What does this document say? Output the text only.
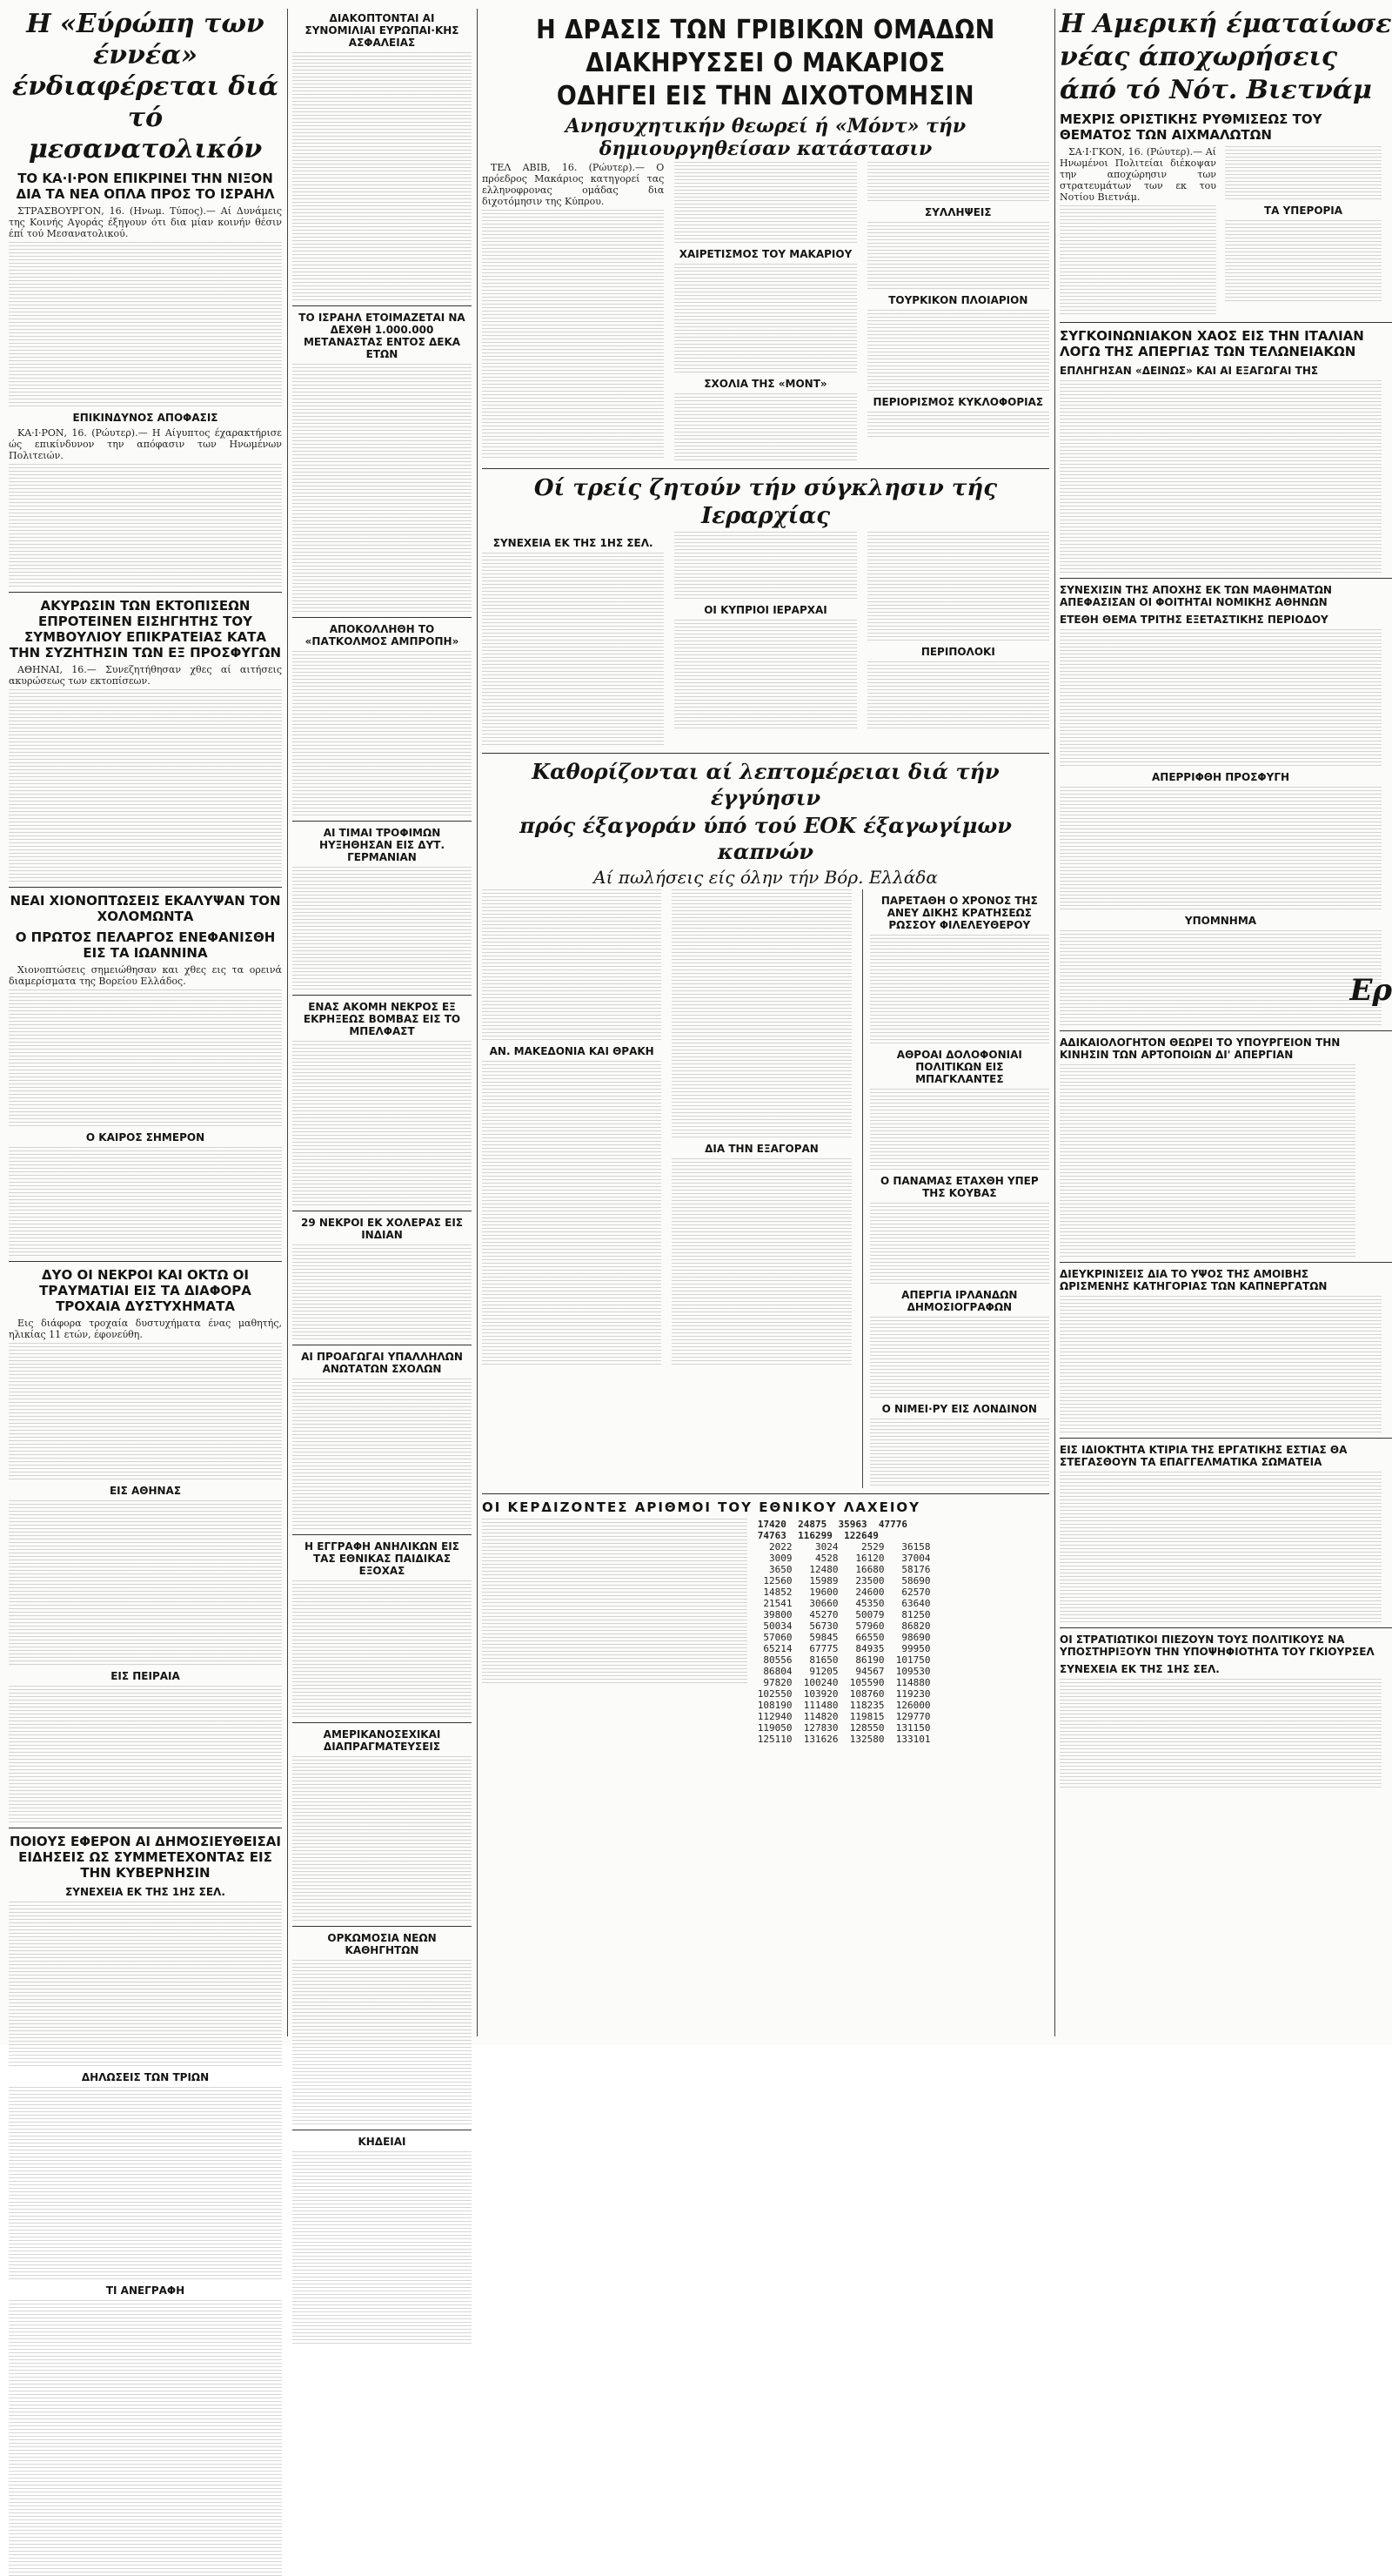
Η «Εύρώπη των έννέα» ένδιαφέρεται διά τό μεσανατολικόν
ΤΟ ΚΑ·Ι·ΡΟΝ ΕΠΙΚΡΙΝΕΙ ΤΗΝ ΝΙΞΟΝ ΔΙΑ ΤΑ ΝΕΑ ΟΠΛΑ ΠΡΟΣ ΤΟ ΙΣΡΑΗΛ

ΣΤΡΑΣΒΟΥΡΓΟΝ, 16. (Ηνωμ. Τύπος).— Αί Δυνάμεις της Κοινής Αγοράς έξηγουν ότι δια μίαν κοινήν θέσιν έπί τού Μεσανατολικού.

ΕΠΙΚΙΝΔΥΝΟΣ ΑΠΟΦΑΣΙΣ

ΚΑ·Ι·ΡΟΝ, 16. (Ρώυτερ).— Η Αίγυπτος έχαρακτήρισε ώς επικίνδυνον την απόφασιν των Ηνωμένων Πολιτειών.

ΑΚΥΡΩΣΙΝ ΤΩΝ ΕΚΤΟΠΙΣΕΩΝ ΕΠΡΟΤΕΙΝΕΝ ΕΙΣΗΓΗΤΗΣ ΤΟΥ ΣΥΜΒΟΥΛΙΟΥ ΕΠΙΚΡΑΤΕΙΑΣ ΚΑΤΑ ΤΗΝ ΣΥΖΗΤΗΣΙΝ ΤΩΝ ΕΞ ΠΡΟΣΦΥΓΩΝ

ΑΘΗΝΑΙ, 16.— Συνεζητήθησαν χθες αί αιτήσεις ακυρώσεως των εκτοπίσεων.

ΝΕΑΙ ΧΙΟΝΟΠΤΩΣΕΙΣ ΕΚΑΛΥΨΑΝ ΤΟΝ ΧΟΛΟΜΩΝΤΑ
Ο ΠΡΩΤΟΣ ΠΕΛΑΡΓΟΣ ΕΝΕΦΑΝΙΣΘΗ ΕΙΣ ΤΑ ΙΩΑΝΝΙΝΑ

Χιονοπτώσεις σημειώθησαν και χθες εις τα ορεινά διαμερίσματα της Βορείου Ελλάδος.

Ο ΚΑΙΡΟΣ ΣΗΜΕΡΟΝ
ΔΥΟ ΟΙ ΝΕΚΡΟΙ ΚΑΙ ΟΚΤΩ ΟΙ ΤΡΑΥΜΑΤΙΑΙ ΕΙΣ ΤΑ ΔΙΑΦΟΡΑ ΤΡΟΧΑΙΑ ΔΥΣΤΥΧΗΜΑΤΑ

Εις διάφορα τροχαία δυστυχήματα ένας μαθητής, ηλικίας 11 ετών, έφονεύθη.

ΕΙΣ ΑΘΗΝΑΣ
ΕΙΣ ΠΕΙΡΑΙΑ
ΠΟΙΟΥΣ ΕΦΕΡΟΝ ΑΙ ΔΗΜΟΣΙΕΥΘΕΙΣΑΙ ΕΙΔΗΣΕΙΣ ΩΣ ΣΥΜΜΕΤΕΧΟΝΤΑΣ ΕΙΣ ΤΗΝ ΚΥΒΕΡΝΗΣΙΝ
ΣΥΝΕΧΕΙΑ ΕΚ ΤΗΣ 1ΗΣ ΣΕΛ.
ΔΗΛΩΣΕΙΣ ΤΩΝ ΤΡΙΩΝ
ΤΙ ΑΝΕΓΡΑΦΗ
ΔΙΑΚΟΠΤΟΝΤΑΙ ΑΙ ΣΥΝΟΜΙΛΙΑΙ ΕΥΡΩΠΑΙ·ΚΗΣ ΑΣΦΑΛΕΙΑΣ
ΤΟ ΙΣΡΑΗΛ ΕΤΟΙΜΑΖΕΤΑΙ ΝΑ ΔΕΧΘΗ 1.000.000 ΜΕΤΑΝΑΣΤΑΣ ΕΝΤΟΣ ΔΕΚΑ ΕΤΩΝ
ΑΠΟΚΟΛΛΗΘΗ ΤΟ «ΠΑΤΚΟΛΜΟΣ ΑΜΠΡΟΠΗ»
ΑΙ ΤΙΜΑΙ ΤΡΟΦΙΜΩΝ ΗΥΞΗΘΗΣΑΝ ΕΙΣ ΔΥΤ. ΓΕΡΜΑΝΙΑΝ
ΕΝΑΣ ΑΚΟΜΗ ΝΕΚΡΟΣ ΕΞ ΕΚΡΗΞΕΩΣ ΒΟΜΒΑΣ ΕΙΣ ΤΟ ΜΠΕΛΦΑΣΤ
29 ΝΕΚΡΟΙ ΕΚ ΧΟΛΕΡΑΣ ΕΙΣ ΙΝΔΙΑΝ
ΑΙ ΠΡΟΑΓΩΓΑΙ ΥΠΑΛΛΗΛΩΝ ΑΝΩΤΑΤΩΝ ΣΧΟΛΩΝ
Η ΕΓΓΡΑΦΗ ΑΝΗΛΙΚΩΝ ΕΙΣ ΤΑΣ ΕΘΝΙΚΑΣ ΠΑΙΔΙΚΑΣ ΕΞΟΧΑΣ
ΑΜΕΡΙΚΑΝΟΣΕΧΙΚΑΙ ΔΙΑΠΡΑΓΜΑΤΕΥΣΕΙΣ
ΟΡΚΩΜΟΣΙΑ ΝΕΩΝ ΚΑΘΗΓΗΤΩΝ
ΚΗΔΕΙΑΙ
Η ΔΡΑΣΙΣ ΤΩΝ ΓΡΙΒΙΚΩΝ ΟΜΑΔΩΝ
ΔΙΑΚΗΡΥΣΣΕΙ Ο ΜΑΚΑΡΙΟΣ
ΟΔΗΓΕΙ ΕΙΣ ΤΗΝ ΔΙΧΟΤΟΜΗΣΙΝ
Ανησυχητικήν θεωρεί ή «Μόντ» τήν δημιουργηθείσαν κατάστασιν

ΤΕΛ ΑΒΙΒ, 16. (Ρώυτερ).— Ο πρόεδρος Μακάριος κατηγορεί τας ελληνοφρονας ομάδας δια διχοτόμησιν της Κύπρου.

ΧΑΙΡΕΤΙΣΜΟΣ ΤΟΥ ΜΑΚΑΡΙΟΥ
ΣΧΟΛΙΑ ΤΗΣ «ΜΟΝΤ»
ΣΥΛΛΗΨΕΙΣ
ΤΟΥΡΚΙΚΟΝ ΠΛΟΙΑΡΙΟΝ
ΠΕΡΙΟΡΙΣΜΟΣ ΚΥΚΛΟΦΟΡΙΑΣ
Οί τρείς ζητούν τήν σύγκλησιν τής Ιεραρχίας
ΣΥΝΕΧΕΙΑ ΕΚ ΤΗΣ 1ΗΣ ΣΕΛ.
ΟΙ ΚΥΠΡΙΟΙ ΙΕΡΑΡΧΑΙ
ΠΕΡΙΠΟΛΟΚΙ
Καθορίζονται αί λεπτομέρειαι διά τήν έγγύησιν
πρός έξαγοράν ύπό τού ΕΟΚ έξαγωγίμων καπνών
Αί πωλήσεις είς όλην τήν Βόρ. Ελλάδα
ΑΝ. ΜΑΚΕΔΟΝΙΑ ΚΑΙ ΘΡΑΚΗ
ΔΙΑ ΤΗΝ ΕΞΑΓΟΡΑΝ
ΠΑΡΕΤΑΘΗ Ο ΧΡΟΝΟΣ ΤΗΣ ΑΝΕΥ ΔΙΚΗΣ ΚΡΑΤΗΣΕΩΣ ΡΩΣΣΟΥ ΦΙΛΕΛΕΥΘΕΡΟΥ
ΑΘΡΟΑΙ ΔΟΛΟΦΟΝΙΑΙ ΠΟΛΙΤΙΚΩΝ ΕΙΣ ΜΠΑΓΚΛΑΝΤΕΣ
Ο ΠΑΝΑΜΑΣ ΕΤΑΧΘΗ ΥΠΕΡ ΤΗΣ ΚΟΥΒΑΣ
ΑΠΕΡΓΙΑ ΙΡΛΑΝΔΩΝ ΔΗΜΟΣΙΟΓΡΑΦΩΝ
Ο ΝΙΜΕΙ·ΡΥ ΕΙΣ ΛΟΝΔΙΝΟΝ
ΟΙ ΚΕΡΔΙΖΟΝΤΕΣ ΑΡΙΘΜΟΙ ΤΟΥ ΕΘΝΙΚΟΥ ΛΑΧΕΙΟΥ
17420  24875  35963  47776
74763  116299  122649
2022    3024    2529   36158
3009    4528   16120   37004
3650   12480   16680   58176
12560   15989   23500   58690
14852   19600   24600   62570
21541   30660   45350   63640
39800   45270   50079   81250
50034   56730   57960   86820
57060   59845   66550   98690
65214   67775   84935   99950
80556   81650   86190  101750
86804   91205   94567  109530
97820  100240  105590  114880
102550  103920  108760  119230
108190  111480  118235  126000
112940  114820  119815  129770
119050  127830  128550  131150
125110  131626  132580  133101
Η Αμερική έματαίωσε
νέας άποχωρήσεις
άπό τό Νότ. Βιετνάμ
ΜΕΧΡΙΣ ΟΡΙΣΤΙΚΗΣ ΡΥΘΜΙΣΕΩΣ ΤΟΥ ΘΕΜΑΤΟΣ ΤΩΝ ΑΙΧΜΑΛΩΤΩΝ

ΣΑ·Ι·ΓΚΟΝ, 16. (Ρώυτερ).— Αί Ηνωμένοι Πολιτείαι διέκοψαν την αποχώρησιν των στρατευμάτων των εκ του Νοτίου Βιετνάμ.

ΤΑ ΥΠΕΡΟΡΙΑ
ΣΥΓΚΟΙΝΩΝΙΑΚΟΝ ΧΑΟΣ ΕΙΣ ΤΗΝ ΙΤΑΛΙΑΝ ΛΟΓΩ ΤΗΣ ΑΠΕΡΓΙΑΣ ΤΩΝ ΤΕΛΩΝΕΙΑΚΩΝ
ΕΠΛΗΓΗΣΑΝ «ΔΕΙΝΩΣ» ΚΑΙ ΑΙ ΕΞΑΓΩΓΑΙ ΤΗΣ
ΣΥΝΕΧΙΣΙΝ ΤΗΣ ΑΠΟΧΗΣ ΕΚ ΤΩΝ ΜΑΘΗΜΑΤΩΝ ΑΠΕΦΑΣΙΣΑΝ ΟΙ ΦΟΙΤΗΤΑΙ ΝΟΜΙΚΗΣ ΑΘΗΝΩΝ
ΕΤΕΘΗ ΘΕΜΑ ΤΡΙΤΗΣ ΕΞΕΤΑΣΤΙΚΗΣ ΠΕΡΙΟΔΟΥ
ΑΠΕΡΡΙΦΘΗ ΠΡΟΣΦΥΓΗ
ΥΠΟΜΝΗΜΑ
Ερ
ΑΔΙΚΑΙΟΛΟΓΗΤΟΝ ΘΕΩΡΕΙ ΤΟ ΥΠΟΥΡΓΕΙΟΝ ΤΗΝ ΚΙΝΗΣΙΝ ΤΩΝ ΑΡΤΟΠΟΙΩΝ ΔΙ' ΑΠΕΡΓΙΑΝ
ΔΙΕΥΚΡΙΝΙΣΕΙΣ ΔΙΑ ΤΟ ΥΨΟΣ ΤΗΣ ΑΜΟΙΒΗΣ ΩΡΙΣΜΕΝΗΣ ΚΑΤΗΓΟΡΙΑΣ ΤΩΝ ΚΑΠΝΕΡΓΑΤΩΝ
ΕΙΣ ΙΔΙΟΚΤΗΤΑ ΚΤΙΡΙΑ ΤΗΣ ΕΡΓΑΤΙΚΗΣ ΕΣΤΙΑΣ ΘΑ ΣΤΕΓΑΣΘΟΥΝ ΤΑ ΕΠΑΓΓΕΛΜΑΤΙΚΑ ΣΩΜΑΤΕΙΑ
ΟΙ ΣΤΡΑΤΙΩΤΙΚΟΙ ΠΙΕΖΟΥΝ ΤΟΥΣ ΠΟΛΙΤΙΚΟΥΣ ΝΑ ΥΠΟΣΤΗΡΙΞΟΥΝ ΤΗΝ ΥΠΟΨΗΦΙΟΤΗΤΑ ΤΟΥ ΓΚΙΟΥΡΣΕΛ
ΣΥΝΕΧΕΙΑ ΕΚ ΤΗΣ 1ΗΣ ΣΕΛ.
